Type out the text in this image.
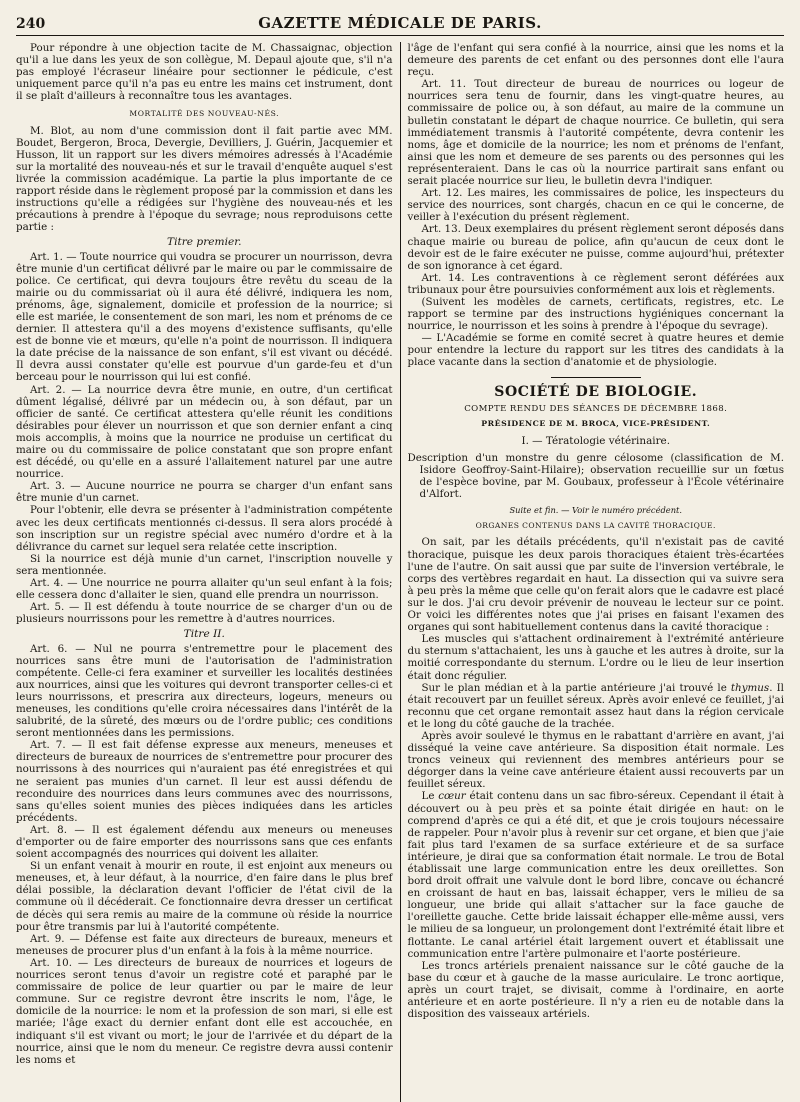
240	GAZETTE MÉDICALE DE PARIS.

Pour répondre à une objection tacite de M. Chassaignac, objection qu'il a lue dans les yeux de son collègue, M. Depaul ajoute que, s'il n'a pas employé l'écraseur linéaire pour sectionner le pédicule, c'est uniquement parce qu'il n'a pas eu entre les mains cet instrument, dont il se plaît d'ailleurs à reconnaître tous les avantages.

MORTALITÉ DES NOUVEAU-NÉS.

M. Blot, au nom d'une commission dont il fait partie avec MM. Boudet, Bergeron, Broca, Devergie, Devilliers, J. Guérin, Jacquemier et Husson, lit un rapport sur les divers mémoires adressés à l'Académie sur la mortalité des nouveau-nés et sur le travail d'enquête auquel s'est livrée la commission académique. La partie la plus importante de ce rapport réside dans le règlement proposé par la commission et dans les instructions qu'elle a rédigées sur l'hygiène des nouveau-nés et les précautions à prendre à l'époque du sevrage; nous reproduisons cette partie :

Titre premier.

Art. 1. — Toute nourrice qui voudra se procurer un nourrisson, devra être munie d'un certificat délivré par le maire ou par le commissaire de police. Ce certificat, qui devra toujours être revêtu du sceau de la mairie ou du commissariat où il aura été délivré, indiquera les nom, prénoms, âge, signalement, domicile et profession de la nourrice; si elle est mariée, le consentement de son mari, les nom et prénoms de ce dernier. Il attestera qu'il a des moyens d'existence suffisants, qu'elle est de bonne vie et mœurs, qu'elle n'a point de nourrisson. Il indiquera la date précise de la naissance de son enfant, s'il est vivant ou décédé. Il devra aussi constater qu'elle est pourvue d'un garde-feu et d'un berceau pour le nourrisson qui lui est confié.

Art. 2. — La nourrice devra être munie, en outre, d'un certificat dûment légalisé, délivré par un médecin ou, à son défaut, par un officier de santé. Ce certificat attestera qu'elle réunit les conditions désirables pour élever un nourrisson et que son dernier enfant a cinq mois accomplis, à moins que la nourrice ne produise un certificat du maire ou du commissaire de police constatant que son propre enfant est décédé, ou qu'elle en a assuré l'allaitement naturel par une autre nourrice.

Art. 3. — Aucune nourrice ne pourra se charger d'un enfant sans être munie d'un carnet.

Pour l'obtenir, elle devra se présenter à l'administration compétente avec les deux certificats mentionnés ci-dessus. Il sera alors procédé à son inscription sur un registre spécial avec numéro d'ordre et à la délivrance du carnet sur lequel sera relatée cette inscription.

Si la nourrice est déjà munie d'un carnet, l'inscription nouvelle y sera mentionnée.

Art. 4. — Une nourrice ne pourra allaiter qu'un seul enfant à la fois; elle cessera donc d'allaiter le sien, quand elle prendra un nourrisson.

Art. 5. — Il est défendu à toute nourrice de se charger d'un ou de plusieurs nourrissons pour les remettre à d'autres nourrices.

Titre II.

Art. 6. — Nul ne pourra s'entremettre pour le placement des nourrices sans être muni de l'autorisation de l'administration compétente. Celle-ci fera examiner et surveiller les localités destinées aux nourrices, ainsi que les voitures qui devront transporter celles-ci et leurs nourrissons, et prescrira aux directeurs, logeurs, meneurs ou meneuses, les conditions qu'elle croira nécessaires dans l'intérêt de la salubrité, de la sûreté, des mœurs ou de l'ordre public; ces conditions seront mentionnées dans les permissions.

Art. 7. — Il est fait défense expresse aux meneurs, meneuses et directeurs de bureaux de nourrices de s'entremettre pour procurer des nourrissons à des nourrices qui n'auraient pas été enregistrées et qui ne seraient pas munies d'un carnet. Il leur est aussi défendu de reconduire des nourrices dans leurs communes avec des nourrissons, sans qu'elles soient munies des pièces indiquées dans les articles précédents.

Art. 8. — Il est également défendu aux meneurs ou meneuses d'emporter ou de faire emporter des nourrissons sans que ces enfants soient accompagnés des nourrices qui doivent les allaiter.

Si un enfant venait à mourir en route, il est enjoint aux meneurs ou meneuses, et, à leur défaut, à la nourrice, d'en faire dans le plus bref délai possible, la déclaration devant l'officier de l'état civil de la commune où il décéderait. Ce fonctionnaire devra dresser un certificat de décès qui sera remis au maire de la commune où réside la nourrice pour être transmis par lui à l'autorité compétente.

Art. 9. — Défense est faite aux directeurs de bureaux, meneurs et meneuses de procurer plus d'un enfant à la fois à la même nourrice.

Art. 10. — Les directeurs de bureaux de nourrices et logeurs de nourrices seront tenus d'avoir un registre coté et paraphé par le commissaire de police de leur quartier ou par le maire de leur commune. Sur ce registre devront être inscrits le nom, l'âge, le domicile de la nourrice: le nom et la profession de son mari, si elle est mariée; l'âge exact du dernier enfant dont elle est accouchée, en indiquant s'il est vivant ou mort; le jour de l'arrivée et du départ de la nourrice, ainsi que le nom du meneur. Ce registre devra aussi contenir les noms et

l'âge de l'enfant qui sera confié à la nourrice, ainsi que les noms et la demeure des parents de cet enfant ou des personnes dont elle l'aura reçu.

Art. 11. Tout directeur de bureau de nourrices ou logeur de nourrices sera tenu de fournir, dans les vingt-quatre heures, au commissaire de police ou, à son défaut, au maire de la commune un bulletin constatant le départ de chaque nourrice. Ce bulletin, qui sera immédiatement transmis à l'autorité compétente, devra contenir les noms, âge et domicile de la nourrice; les nom et prénoms de l'enfant, ainsi que les nom et demeure de ses parents ou des personnes qui les représenteraient. Dans le cas où la nourrice partirait sans enfant ou serait placée nourrice sur lieu, le bulletin devra l'indiquer.

Art. 12. Les maires, les commissaires de police, les inspecteurs du service des nourrices, sont chargés, chacun en ce qui le concerne, de veiller à l'exécution du présent règlement.

Art. 13. Deux exemplaires du présent règlement seront déposés dans chaque mairie ou bureau de police, afin qu'aucun de ceux dont le devoir est de le faire exécuter ne puisse, comme aujourd'hui, prétexter de son ignorance à cet égard.

Art. 14. Les contraventions à ce règlement seront déférées aux tribunaux pour être poursuivies conformément aux lois et règlements.

(Suivent les modèles de carnets, certificats, registres, etc. Le rapport se termine par des instructions hygiéniques concernant la nourrice, le nourrisson et les soins à prendre à l'époque du sevrage).

— L'Académie se forme en comité secret à quatre heures et demie pour entendre la lecture du rapport sur les titres des candidats à la place vacante dans la section d'anatomie et de physiologie.

SOCIÉTÉ DE BIOLOGIE.
COMPTE RENDU DES SÉANCES DE DÉCEMBRE 1868.
PRÉSIDENCE DE M. BROCA, VICE-PRÉSIDENT.
I. — Tératologie vétérinaire.

Description d'un monstre du genre célosome (classification de M. Isidore Geoffroy-Saint-Hilaire); observation recueillie sur un fœtus de l'espèce bovine, par M. Goubaux, professeur à l'École vétérinaire d'Alfort.

Suite et fin. — Voir le numéro précédent.
ORGANES CONTENUS DANS LA CAVITÉ THORACIQUE.

On sait, par les détails précédents, qu'il n'existait pas de cavité thoracique, puisque les deux parois thoraciques étaient très-écartées l'une de l'autre. On sait aussi que par suite de l'inversion vertébrale, le corps des vertèbres regardait en haut. La dissection qui va suivre sera à peu près la même que celle qu'on ferait alors que le cadavre est placé sur le dos. J'ai cru devoir prévenir de nouveau le lecteur sur ce point. Or voici les différentes notes que j'ai prises en faisant l'examen des organes qui sont habituellement contenus dans la cavité thoracique :

Les muscles qui s'attachent ordinairement à l'extrémité antérieure du sternum s'attachaient, les uns à gauche et les autres à droite, sur la moitié correspondante du sternum. L'ordre ou le lieu de leur insertion était donc régulier.

Sur le plan médian et à la partie antérieure j'ai trouvé le thymus. Il était recouvert par un feuillet séreux. Après avoir enlevé ce feuillet, j'ai reconnu que cet organe remontait assez haut dans la région cervicale et le long du côté gauche de la trachée.

Après avoir soulevé le thymus en le rabattant d'arrière en avant, j'ai disséqué la veine cave antérieure. Sa disposition était normale. Les troncs veineux qui reviennent des membres antérieurs pour se dégorger dans la veine cave antérieure étaient aussi recouverts par un feuillet séreux.

Le cœur était contenu dans un sac fibro-séreux. Cependant il était à découvert ou à peu près et sa pointe était dirigée en haut: on le comprend d'après ce qui a été dit, et que je crois toujours nécessaire de rappeler. Pour n'avoir plus à revenir sur cet organe, et bien que j'aie fait plus tard l'examen de sa surface extérieure et de sa surface intérieure, je dirai que sa conformation était normale. Le trou de Botal établissait une large communication entre les deux oreillettes. Son bord droit offrait une valvule dont le bord libre, concave ou échancré en croissant de haut en bas, laissait échapper, vers le milieu de sa longueur, une bride qui allait s'attacher sur la face gauche de l'oreillette gauche. Cette bride laissait échapper elle-même aussi, vers le milieu de sa longueur, un prolongement dont l'extrémité était libre et flottante. Le canal artériel était largement ouvert et établissait une communication entre l'artère pulmonaire et l'aorte postérieure.

Les troncs artériels prenaient naissance sur le côté gauche de la base du cœur et à gauche de la masse auriculaire. Le tronc aortique, après un court trajet, se divisait, comme à l'ordinaire, en aorte antérieure et en aorte postérieure. Il n'y a rien eu de notable dans la disposition des vaisseaux artériels.
